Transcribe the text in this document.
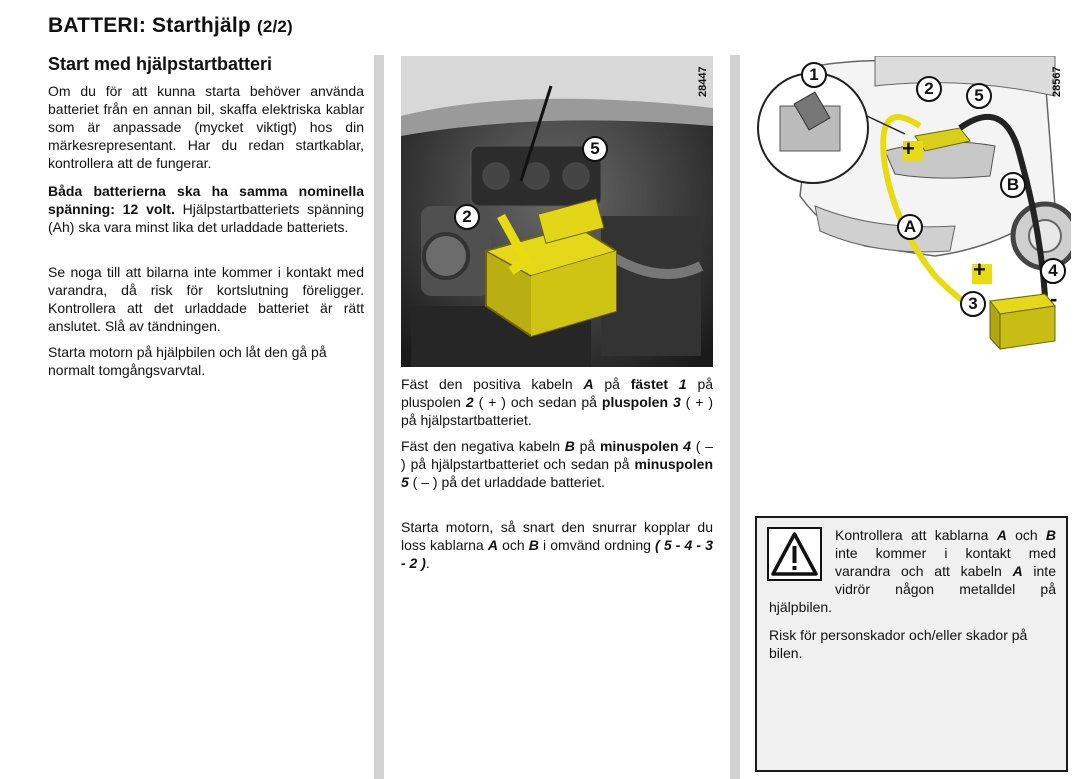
BATTERI: Starthjälp (2/2)
Start med hjälpstartbatteri
Om du för att kunna starta behöver använda batteriet från en annan bil, skaffa elektriska kablar som är anpassade (mycket viktigt) hos din märkesrepresentant. Har du redan startkablar, kontrollera att de fungerar.
Båda batterierna ska ha samma nominella spänning: 12 volt. Hjälpstartbatteriets spänning (Ah) ska vara minst lika det urladdade batteriets.
Se noga till att bilarna inte kommer i kontakt med varandra, då risk för kortslutning föreligger. Kontrollera att det urladdade batteriet är rätt anslutet. Slå av tändningen.
Starta motorn på hjälpbilen och låt den gå på normalt tomgångsvarvtal.
5
2
28447
Fäst den positiva kabeln A på fästet 1 på pluspolen 2 ( + ) och sedan på pluspolen 3 ( + ) på hjälpstartbatteriet.
Fäst den negativa kabeln B på minuspolen 4 ( – ) på hjälpstartbatteriet och sedan på minuspolen 5 ( – ) på det urladdade batteriet.
Starta motorn, så snart den snurrar kopplar du loss kablarna A och B i omvänd ordning ( 5 - 4 - 3 - 2 ).
+
+
-
1
2	5
3
4
A
B
28567
Kontrollera att kablarna A och B inte kommer i kontakt med varandra och att kabeln A inte vidrör någon metalldel på hjälpbilen.
Risk för personskador och/eller skador på bilen.
